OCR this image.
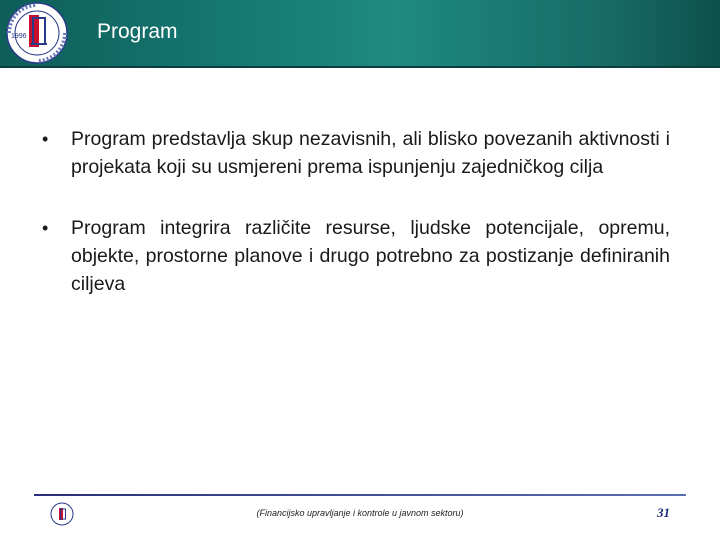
1996	Program
• Program predstavlja skup nezavisnih, ali blisko povezanih aktivnosti i projekata koji su usmjereni prema ispunjenju zajedničkog cilja
• Program integrira različite resurse, ljudske potencijale, opremu, objekte, prostorne planove i drugo potrebno za postizanje definiranih ciljeva
(Financijsko upravljanje i kontrole u javnom sektoru)	31
